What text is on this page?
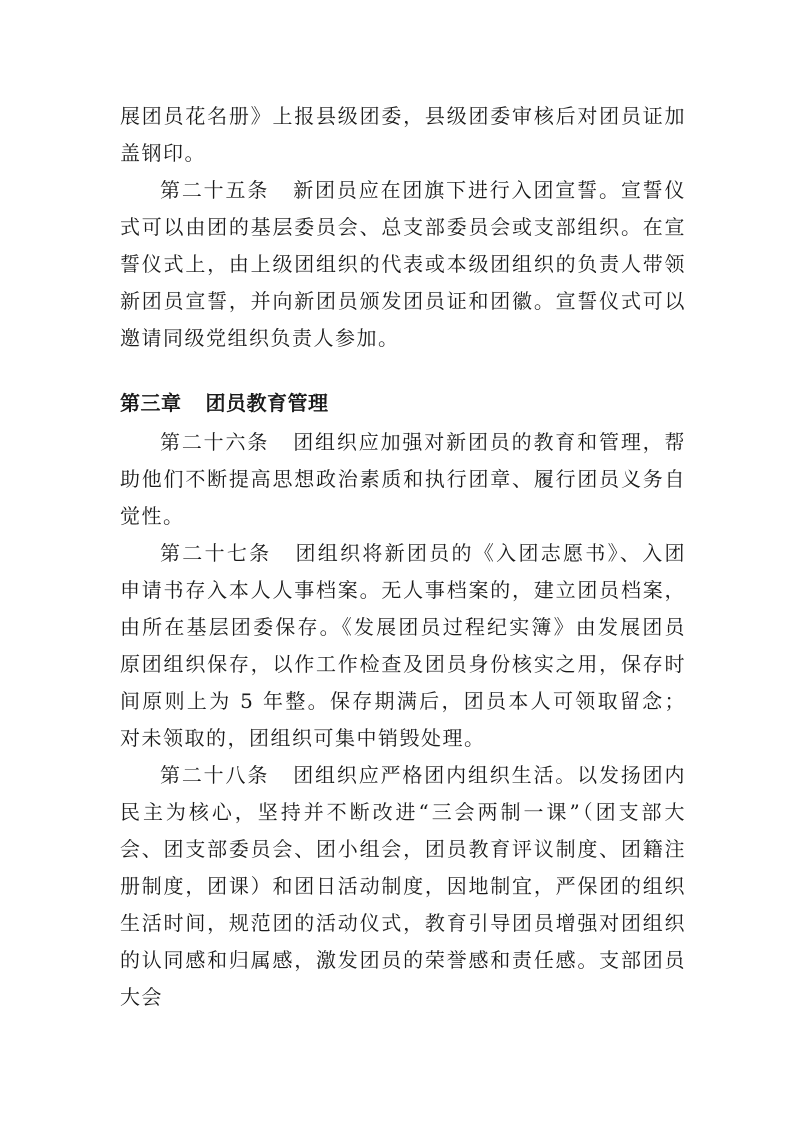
展团员花名册》上报县级团委，县级团委审核后对团员证加盖钢印。

第二十五条 新团员应在团旗下进行入团宣誓。宣誓仪式可以由团的基层委员会、总支部委员会或支部组织。在宣誓仪式上，由上级团组织的代表或本级团组织的负责人带领新团员宣誓，并向新团员颁发团员证和团徽。宣誓仪式可以邀请同级党组织负责人参加。

第三章 团员教育管理

第二十六条 团组织应加强对新团员的教育和管理，帮助他们不断提高思想政治素质和执行团章、履行团员义务自觉性。

第二十七条 团组织将新团员的《入团志愿书》、入团申请书存入本人人事档案。无人事档案的，建立团员档案，由所在基层团委保存。《发展团员过程纪实簿》由发展团员原团组织保存，以作工作检查及团员身份核实之用，保存时间原则上为 5 年整。保存期满后，团员本人可领取留念；对未领取的，团组织可集中销毁处理。

第二十八条 团组织应严格团内组织生活。以发扬团内民主为核心，坚持并不断改进“三会两制一课”（团支部大会、团支部委员会、团小组会，团员教育评议制度、团籍注册制度，团课）和团日活动制度，因地制宜，严保团的组织生活时间，规范团的活动仪式，教育引导团员增强对团组织的认同感和归属感，激发团员的荣誉感和责任感。支部团员大会
